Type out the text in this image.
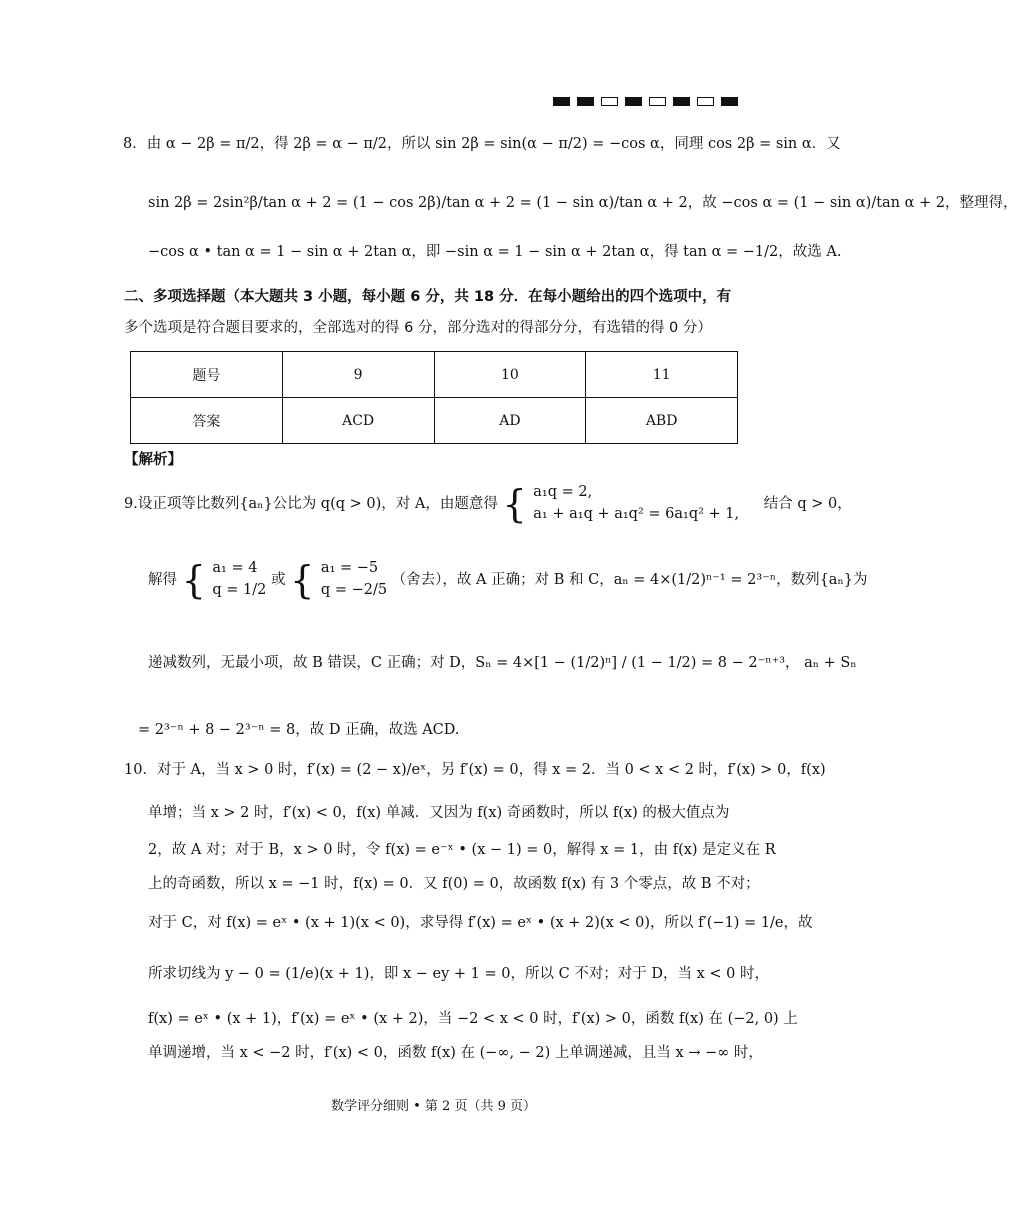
8．由 α − 2β = π/2，得 2β = α − π/2，所以 sin 2β = sin(α − π/2) = −cos α，同理 cos 2β = sin α．又
sin 2β = 2sin²β/tan α + 2 = (1 − cos 2β)/tan α + 2 = (1 − sin α)/tan α + 2，故 −cos α = (1 − sin α)/tan α + 2，整理得，
−cos α • tan α = 1 − sin α + 2tan α，即 −sin α = 1 − sin α + 2tan α，得 tan α = −1/2，故选 A.
二、多项选择题（本大题共 3 小题，每小题 6 分，共 18 分．在每小题给出的四个选项中，有
多个选项是符合题目要求的，全部选对的得 6 分，部分选对的得部分分，有选错的得 0 分）
题号	9	10	11
答案	ACD	AD	ABD
【解析】
9.设正项等比数列{aₙ}公比为 q(q > 0)，对 A，由题意得 { a₁q = 2,
a₁ + a₁q + a₁q² = 6a₁q² + 1,
结合 q > 0，
解得 { a₁ = 4
q = 1/2
或 { a₁ = −5
q = −2/5
（舍去），故 A 正确；对 B 和 C，aₙ = 4×(1/2)ⁿ⁻¹ = 2³⁻ⁿ，数列{aₙ}为
递减数列，无最小项，故 B 错误，C 正确；对 D，Sₙ = 4×[1 − (1/2)ⁿ] / (1 − 1/2) = 8 − 2⁻ⁿ⁺³， aₙ + Sₙ
= 2³⁻ⁿ + 8 − 2³⁻ⁿ = 8，故 D 正确，故选 ACD.
10．对于 A，当 x > 0 时，f′(x) = (2 − x)/eˣ，另 f′(x) = 0，得 x = 2．当 0 < x < 2 时，f′(x) > 0，f(x)
单增；当 x > 2 时，f′(x) < 0，f(x) 单减．又因为 f(x) 奇函数时，所以 f(x) 的极大值点为
2，故 A 对；对于 B，x > 0 时，令 f(x) = e⁻ˣ • (x − 1) = 0，解得 x = 1，由 f(x) 是定义在 R
上的奇函数，所以 x = −1 时，f(x) = 0．又 f(0) = 0，故函数 f(x) 有 3 个零点，故 B 不对；
对于 C，对 f(x) = eˣ • (x + 1)(x < 0)，求导得 f′(x) = eˣ • (x + 2)(x < 0)，所以 f′(−1) = 1/e，故
所求切线为 y − 0 = (1/e)(x + 1)，即 x − ey + 1 = 0，所以 C 不对；对于 D，当 x < 0 时，
f(x) = eˣ • (x + 1)，f′(x) = eˣ • (x + 2)，当 −2 < x < 0 时，f′(x) > 0，函数 f(x) 在 (−2, 0) 上
单调递增，当 x < −2 时，f′(x) < 0，函数 f(x) 在 (−∞, − 2) 上单调递减，且当 x → −∞ 时，
数学评分细则 • 第 2 页（共 9 页）
